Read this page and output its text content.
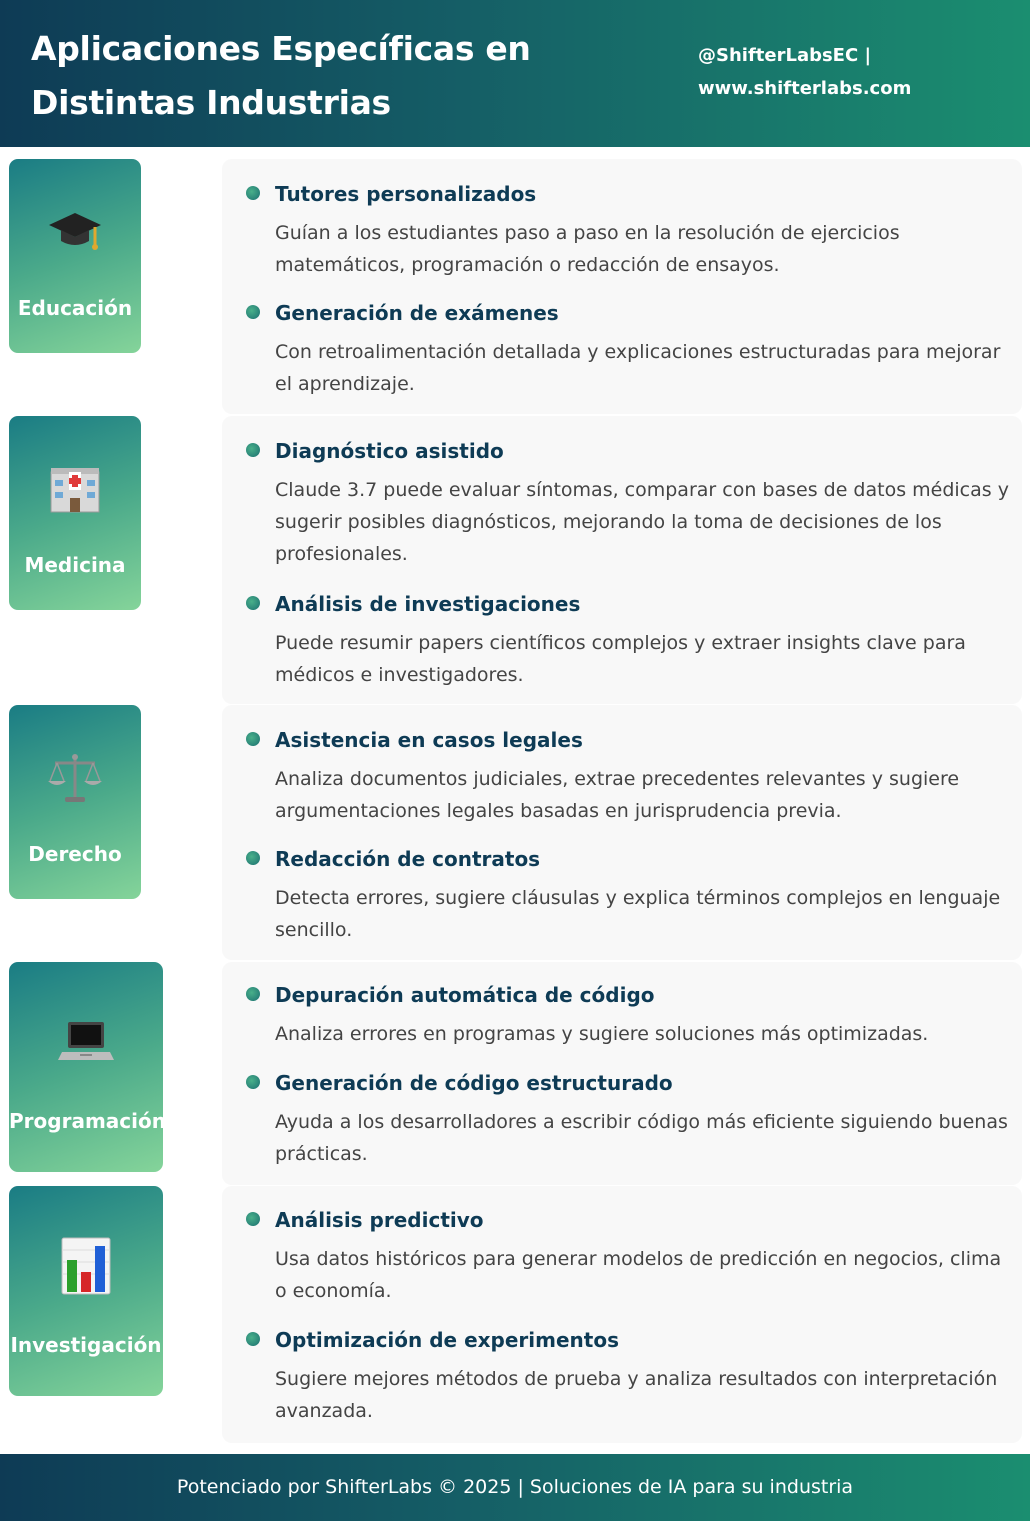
Aplicaciones Específicas en Distintas Industrias
@ShifterLabsEC |
www.shifterlabs.com
Educación
Tutores personalizados
Guían a los estudiantes paso a paso en la resolución de ejercicios matemáticos, programación o redacción de ensayos.
Generación de exámenes
Con retroalimentación detallada y explicaciones estructuradas para mejorar el aprendizaje.
Medicina
Diagnóstico asistido
Claude 3.7 puede evaluar síntomas, comparar con bases de datos médicas y sugerir posibles diagnósticos, mejorando la toma de decisiones de los profesionales.
Análisis de investigaciones
Puede resumir papers científicos complejos y extraer insights clave para médicos e investigadores.
Derecho
Asistencia en casos legales
Analiza documentos judiciales, extrae precedentes relevantes y sugiere argumentaciones legales basadas en jurisprudencia previa.
Redacción de contratos
Detecta errores, sugiere cláusulas y explica términos complejos en lenguaje sencillo.
Programación
Depuración automática de código
Analiza errores en programas y sugiere soluciones más optimizadas.
Generación de código estructurado
Ayuda a los desarrolladores a escribir código más eficiente siguiendo buenas prácticas.
Investigación
Análisis predictivo
Usa datos históricos para generar modelos de predicción en negocios, clima o economía.
Optimización de experimentos
Sugiere mejores métodos de prueba y analiza resultados con interpretación avanzada.
Potenciado por ShifterLabs © 2025 | Soluciones de IA para su industria
